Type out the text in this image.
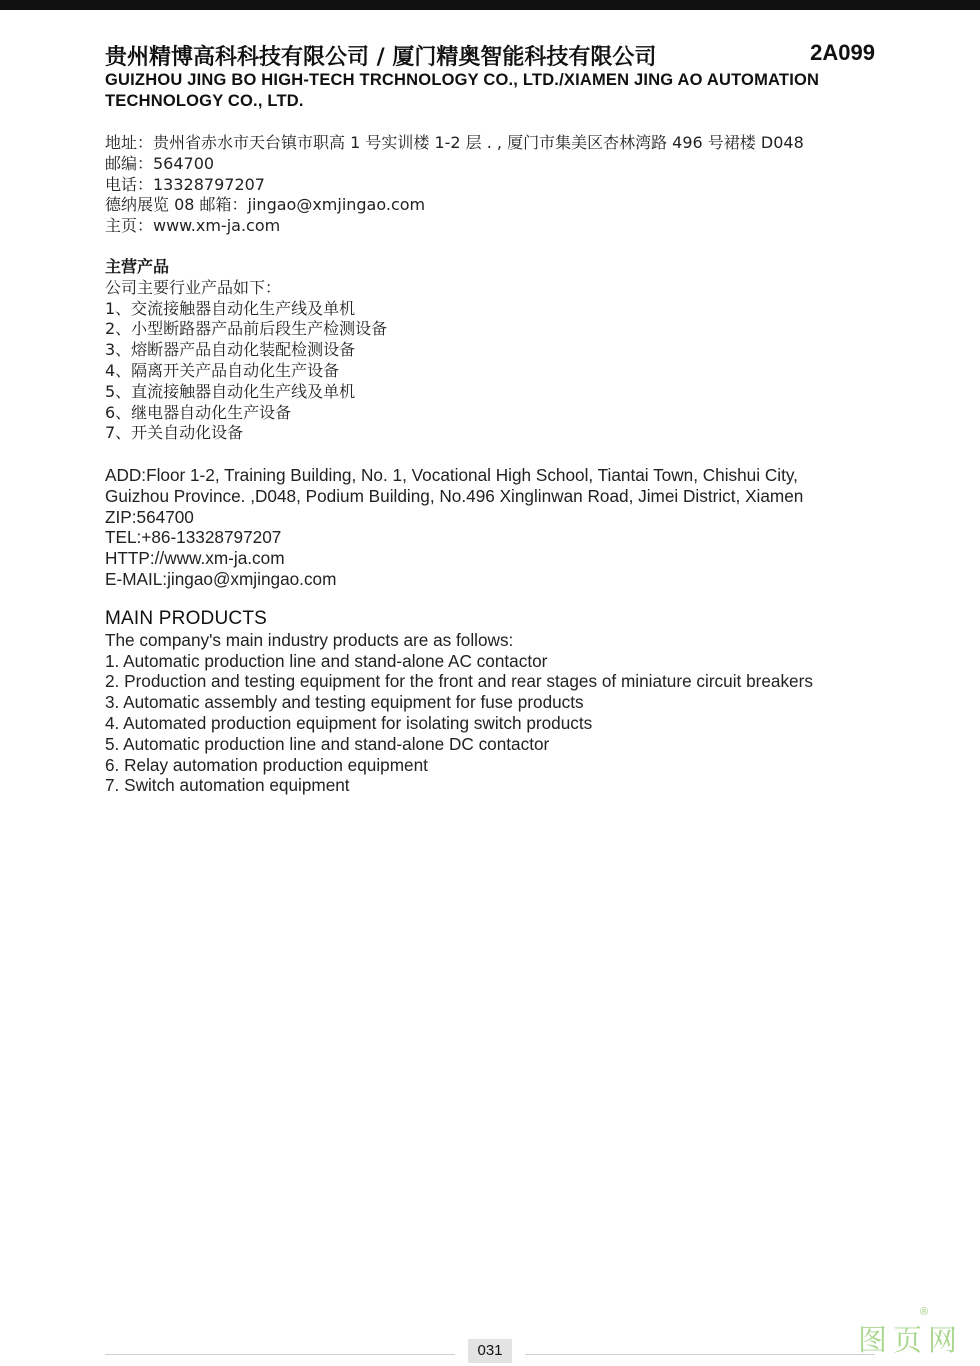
贵州精博高科科技有限公司 / 厦门精奥智能科技有限公司	2A099
GUIZHOU JING BO HIGH-TECH TRCHNOLOGY CO., LTD./XIAMEN JING AO AUTOMATION
TECHNOLOGY CO., LTD.
地址：贵州省赤水市天台镇市职高 1 号实训楼 1-2 层 . , 厦门市集美区杏林湾路 496 号裙楼 D048
邮编：564700
电话：13328797207
德纳展览 08 邮箱：jingao@xmjingao.com
主页：www.xm-ja.com
主营产品
公司主要行业产品如下：
1、交流接触器自动化生产线及单机
2、小型断路器产品前后段生产检测设备
3、熔断器产品自动化装配检测设备
4、隔离开关产品自动化生产设备
5、直流接触器自动化生产线及单机
6、继电器自动化生产设备
7、开关自动化设备
ADD:Floor 1-2, Training Building, No. 1, Vocational High School, Tiantai Town, Chishui City,
Guizhou Province. ,D048, Podium Building, No.496 Xinglinwan Road, Jimei District, Xiamen
ZIP:564700
TEL:+86-13328797207
HTTP://www.xm-ja.com
E-MAIL:jingao@xmjingao.com
MAIN PRODUCTS
The company's main industry products are as follows:
1. Automatic production line and stand-alone AC contactor
2. Production and testing equipment for the front and rear stages of miniature circuit breakers
3. Automatic assembly and testing equipment for fuse products
4. Automated production equipment for isolating switch products
5. Automatic production line and stand-alone DC contactor
6. Relay automation production equipment
7. Switch automation equipment
031	图页网
®
